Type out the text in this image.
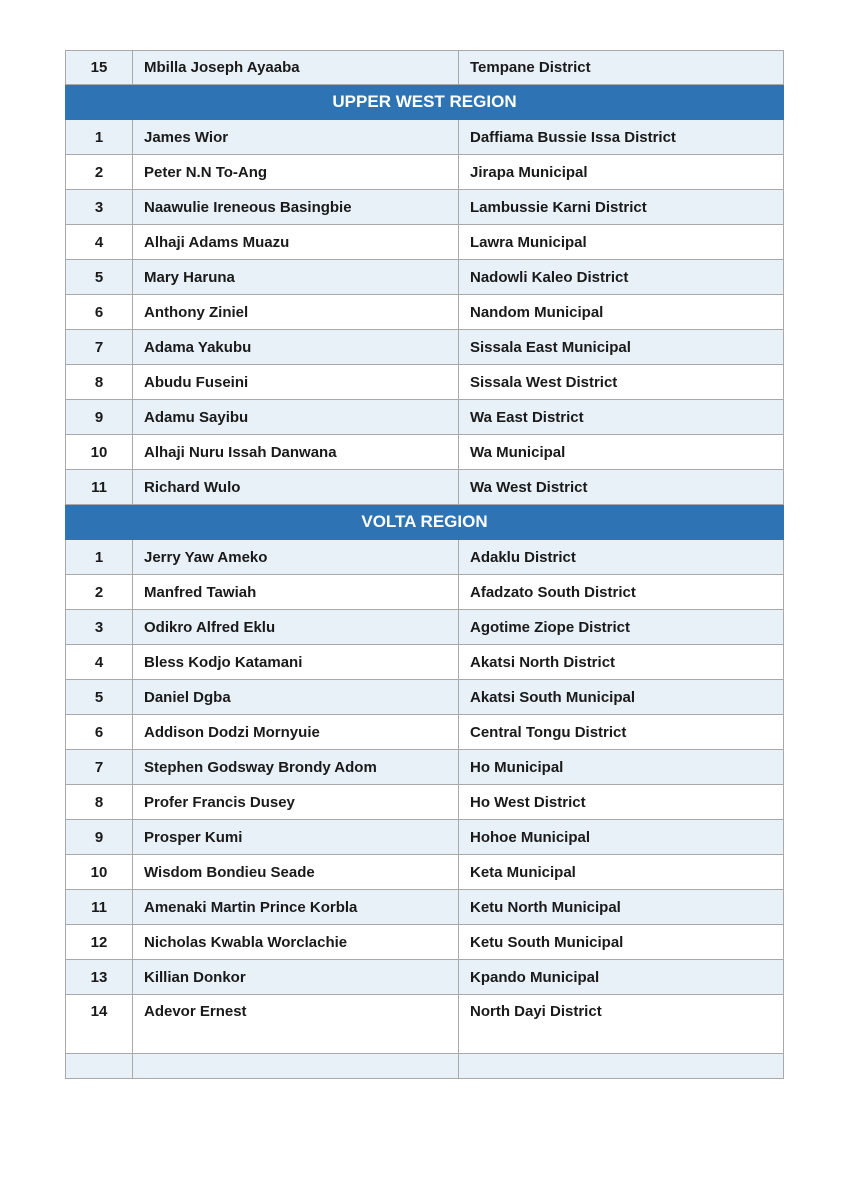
15	Mbilla Joseph Ayaaba	Tempane District
UPPER WEST REGION		
1	James Wior	Daffiama Bussie Issa District
2	Peter N.N To-Ang	Jirapa Municipal
3	Naawulie Ireneous Basingbie	Lambussie Karni District
4	Alhaji Adams Muazu	Lawra Municipal
5	Mary Haruna	Nadowli Kaleo District
6	Anthony Ziniel	Nandom Municipal
7	Adama Yakubu	Sissala East Municipal
8	Abudu Fuseini	Sissala West District
9	Adamu Sayibu	Wa East District
10	Alhaji Nuru Issah Danwana	Wa Municipal
11	Richard Wulo	Wa West District
VOLTA REGION		
1	Jerry Yaw Ameko	Adaklu District
2	Manfred Tawiah	Afadzato South District
3	Odikro Alfred Eklu	Agotime Ziope District
4	Bless Kodjo Katamani	Akatsi North District
5	Daniel Dgba	Akatsi South Municipal
6	Addison Dodzi Mornyuie	Central Tongu District
7	Stephen Godsway Brondy Adom	Ho Municipal
8	Profer Francis Dusey	Ho West District
9	Prosper Kumi	Hohoe Municipal
10	Wisdom Bondieu Seade	Keta Municipal
11	Amenaki Martin Prince Korbla	Ketu North Municipal
12	Nicholas Kwabla Worclachie	Ketu South Municipal
13	Killian Donkor	Kpando Municipal
14	Adevor Ernest	North Dayi District
